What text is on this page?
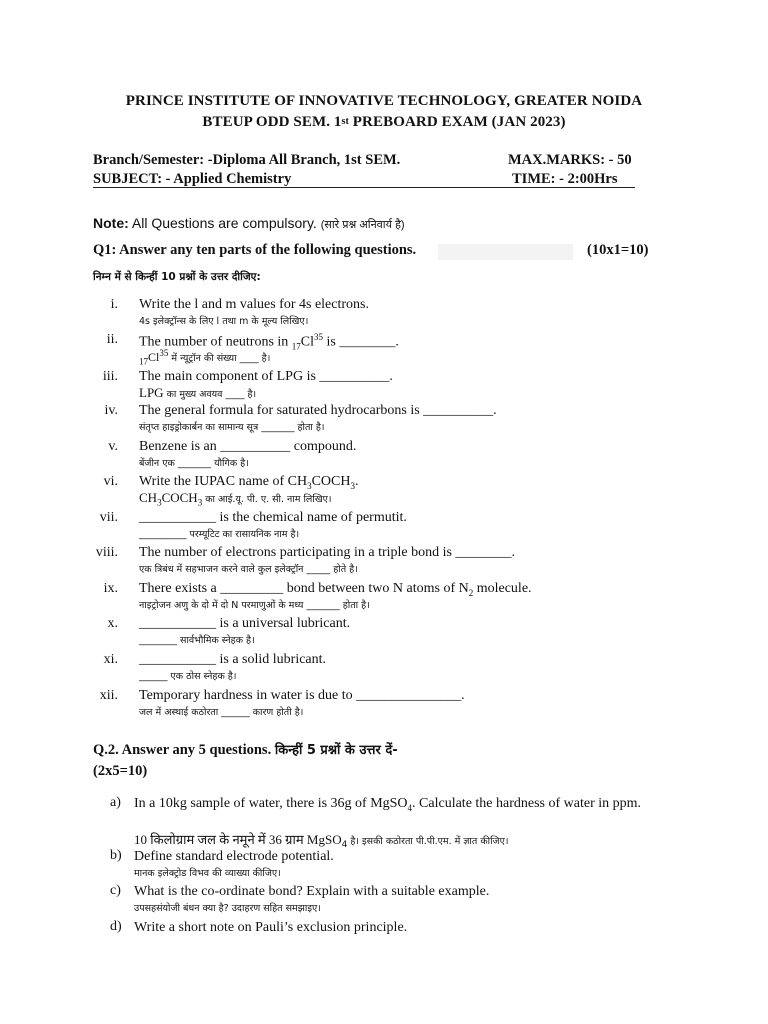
PRINCE INSTITUTE OF INNOVATIVE TECHNOLOGY, GREATER NOIDA
BTEUP ODD SEM. 1st PREBOARD EXAM (JAN 2023)
Branch/Semester: -Diploma All Branch, 1st SEM.	MAX.MARKS: - 50
SUBJECT: - Applied Chemistry	TIME: - 2:00Hrs
Note: All Questions are compulsory. (सारे प्रश्न अनिवार्य है)
Q1: Answer any ten parts of the following questions.	(10x1=10)
निम्न में से किन्हीं 10 प्रश्नों के उत्तर दीजिए:
i. Write the l and m values for 4s electrons.
4s इलेक्ट्रॉन्स के लिए l तथा m के मूल्य लिखिए।
ii. The number of neutrons in $_{17}Cl^{35}$ is ________.
$_{17}Cl^{35}$ में न्यूट्रॉन की संख्या ____ है।
iii. The main component of LPG is __________.
LPG का मुख्य अवयव ____ है।
iv. The general formula for saturated hydrocarbons is __________.
संतृप्त हाइड्रोकार्बन का सामान्य सूत्र _______ होता है।
v. Benzene is an __________ compound.
बेंजीन एक _______ यौगिक है।
vi. Write the IUPAC name of $CH_3COCH_3$.
$CH_3COCH_3$ का आई.यू. पी. ए. सी. नाम लिखिए।
vii. ___________ is the chemical name of permutit.
__________ परम्यूटिट का रासायनिक नाम है।
viii. The number of electrons participating in a triple bond is ________.
एक त्रिबंध में सहभाजन करने वाले कुल इलेक्ट्रॉन _____ होते है।
ix. There exists a _________ bond between two N atoms of $N_2$ molecule.
नाइट्रोजन अणु के दो में दो N परमाणुओं के मध्य _______ होता है।
x. ___________ is a universal lubricant.
________ सार्वभौमिक स्नेहक है।
xi. ___________ is a solid lubricant.
______ एक ठोस स्नेहक है।
xii. Temporary hardness in water is due to _______________.
जल में अस्थाई कठोरता ______ कारण होती है।
Q.2. Answer any 5 questions. किन्हीं 5 प्रश्नों के उत्तर दें-
(2x5=10)
a) In a 10kg sample of water, there is 36g of MgSO$_4$. Calculate the hardness of water in ppm.
10 किलोग्राम जल के नमूने में 36 ग्राम MgSO$_4$ है। इसकी कठोरता पी.पी.एम. में ज्ञात कीजिए।
b) Define standard electrode potential.
मानक इलेक्ट्रोड विभव की व्याख्या कीजिए।
c) What is the co-ordinate bond? Explain with a suitable example.
उपसहसंयोजी बंधन क्या है? उदाहरण सहित समझाइए।
d) Write a short note on Pauli’s exclusion principle.
